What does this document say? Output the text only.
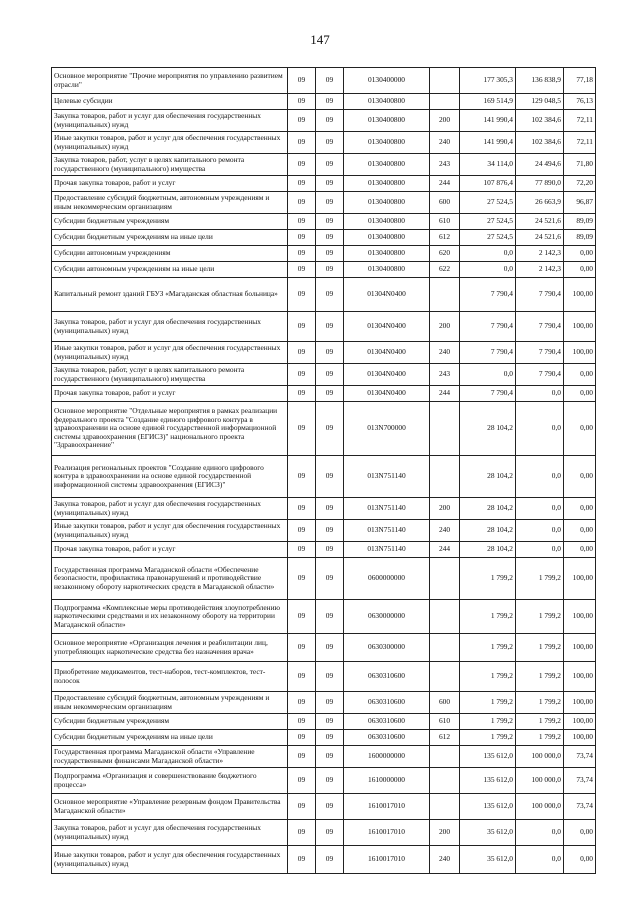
147
Основное мероприятие "Прочие мероприятия по управлению развитием отрасли"	09	09	0130400000		177 305,3	136 838,9	77,18
Целевые субсидии	09	09	0130400800		169 514,9	129 048,5	76,13
Закупка товаров, работ и услуг для обеспечения государственных (муниципальных) нужд	09	09	0130400800	200	141 990,4	102 384,6	72,11
Иные закупки товаров, работ и услуг для обеспечения государственных (муниципальных) нужд	09	09	0130400800	240	141 990,4	102 384,6	72,11
Закупка товаров, работ, услуг в целях капитального ремонта государственного (муниципального) имущества	09	09	0130400800	243	34 114,0	24 494,6	71,80
Прочая закупка товаров, работ и услуг	09	09	0130400800	244	107 876,4	77 890,0	72,20
Предоставление субсидий бюджетным, автономным учреждениям и иным некоммерческим организациям	09	09	0130400800	600	27 524,5	26 663,9	96,87
Субсидии бюджетным учреждениям	09	09	0130400800	610	27 524,5	24 521,6	89,09
Субсидии бюджетным учреждениям на иные цели	09	09	0130400800	612	27 524,5	24 521,6	89,09
Субсидии автономным учреждениям	09	09	0130400800	620	0,0	2 142,3	0,00
Субсидии автономным учреждениям на иные цели	09	09	0130400800	622	0,0	2 142,3	0,00
Капитальный ремонт зданий ГБУЗ «Магаданская областная больница»	09	09	01304N0400		7 790,4	7 790,4	100,00
Закупка товаров, работ и услуг для обеспечения государственных (муниципальных) нужд	09	09	01304N0400	200	7 790,4	7 790,4	100,00
Иные закупки товаров, работ и услуг для обеспечения государственных (муниципальных) нужд	09	09	01304N0400	240	7 790,4	7 790,4	100,00
Закупка товаров, работ, услуг в целях капитального ремонта государственного (муниципального) имущества	09	09	01304N0400	243	0,0	7 790,4	0,00
Прочая закупка товаров, работ и услуг	09	09	01304N0400	244	7 790,4	0,0	0,00
Основное мероприятие "Отдельные мероприятия в рамках реализации федерального проекта "Создание единого цифрового контура в здравоохранении на основе единой государственной информационной системы здравоохранения (ЕГИСЗ)" национального проекта "Здравоохранение"	09	09	013N700000		28 104,2	0,0	0,00
Реализация региональных проектов "Создание единого цифрового контура в здравоохранении на основе единой государственной информационной системы здравоохранения (ЕГИСЗ)"	09	09	013N751140		28 104,2	0,0	0,00
Закупка товаров, работ и услуг для обеспечения государственных (муниципальных) нужд	09	09	013N751140	200	28 104,2	0,0	0,00
Иные закупки товаров, работ и услуг для обеспечения государственных (муниципальных) нужд	09	09	013N751140	240	28 104,2	0,0	0,00
Прочая закупка товаров, работ и услуг	09	09	013N751140	244	28 104,2	0,0	0,00
Государственная программа Магаданской области «Обеспечение безопасности, профилактика правонарушений и противодействие незаконному обороту наркотических средств в Магаданской области»	09	09	0600000000		1 799,2	1 799,2	100,00
Подпрограмма «Комплексные меры противодействия злоупотреблению наркотическими средствами и их незаконному обороту на территории Магаданской области»	09	09	0630000000		1 799,2	1 799,2	100,00
Основное мероприятие «Организация лечения и реабилитации лиц, употребляющих наркотические средства без назначения врача»	09	09	0630300000		1 799,2	1 799,2	100,00
Приобретение медикаментов, тест-наборов, тест-комплектов, тест-полосок	09	09	0630310600		1 799,2	1 799,2	100,00
Предоставление субсидий бюджетным, автономным учреждениям и иным некоммерческим организациям	09	09	0630310600	600	1 799,2	1 799,2	100,00
Субсидии бюджетным учреждениям	09	09	0630310600	610	1 799,2	1 799,2	100,00
Субсидии бюджетным учреждениям на иные цели	09	09	0630310600	612	1 799,2	1 799,2	100,00
Государственная программа Магаданской области «Управление государственными финансами Магаданской области»	09	09	1600000000		135 612,0	100 000,0	73,74
Подпрограмма «Организация и совершенствование бюджетного процесса»	09	09	1610000000		135 612,0	100 000,0	73,74
Основное мероприятие «Управление резервным фондом Правительства Магаданской области»	09	09	1610017010		135 612,0	100 000,0	73,74
Закупка товаров, работ и услуг для обеспечения государственных (муниципальных) нужд	09	09	1610017010	200	35 612,0	0,0	0,00
Иные закупки товаров, работ и услуг для обеспечения государственных (муниципальных) нужд	09	09	1610017010	240	35 612,0	0,0	0,00
